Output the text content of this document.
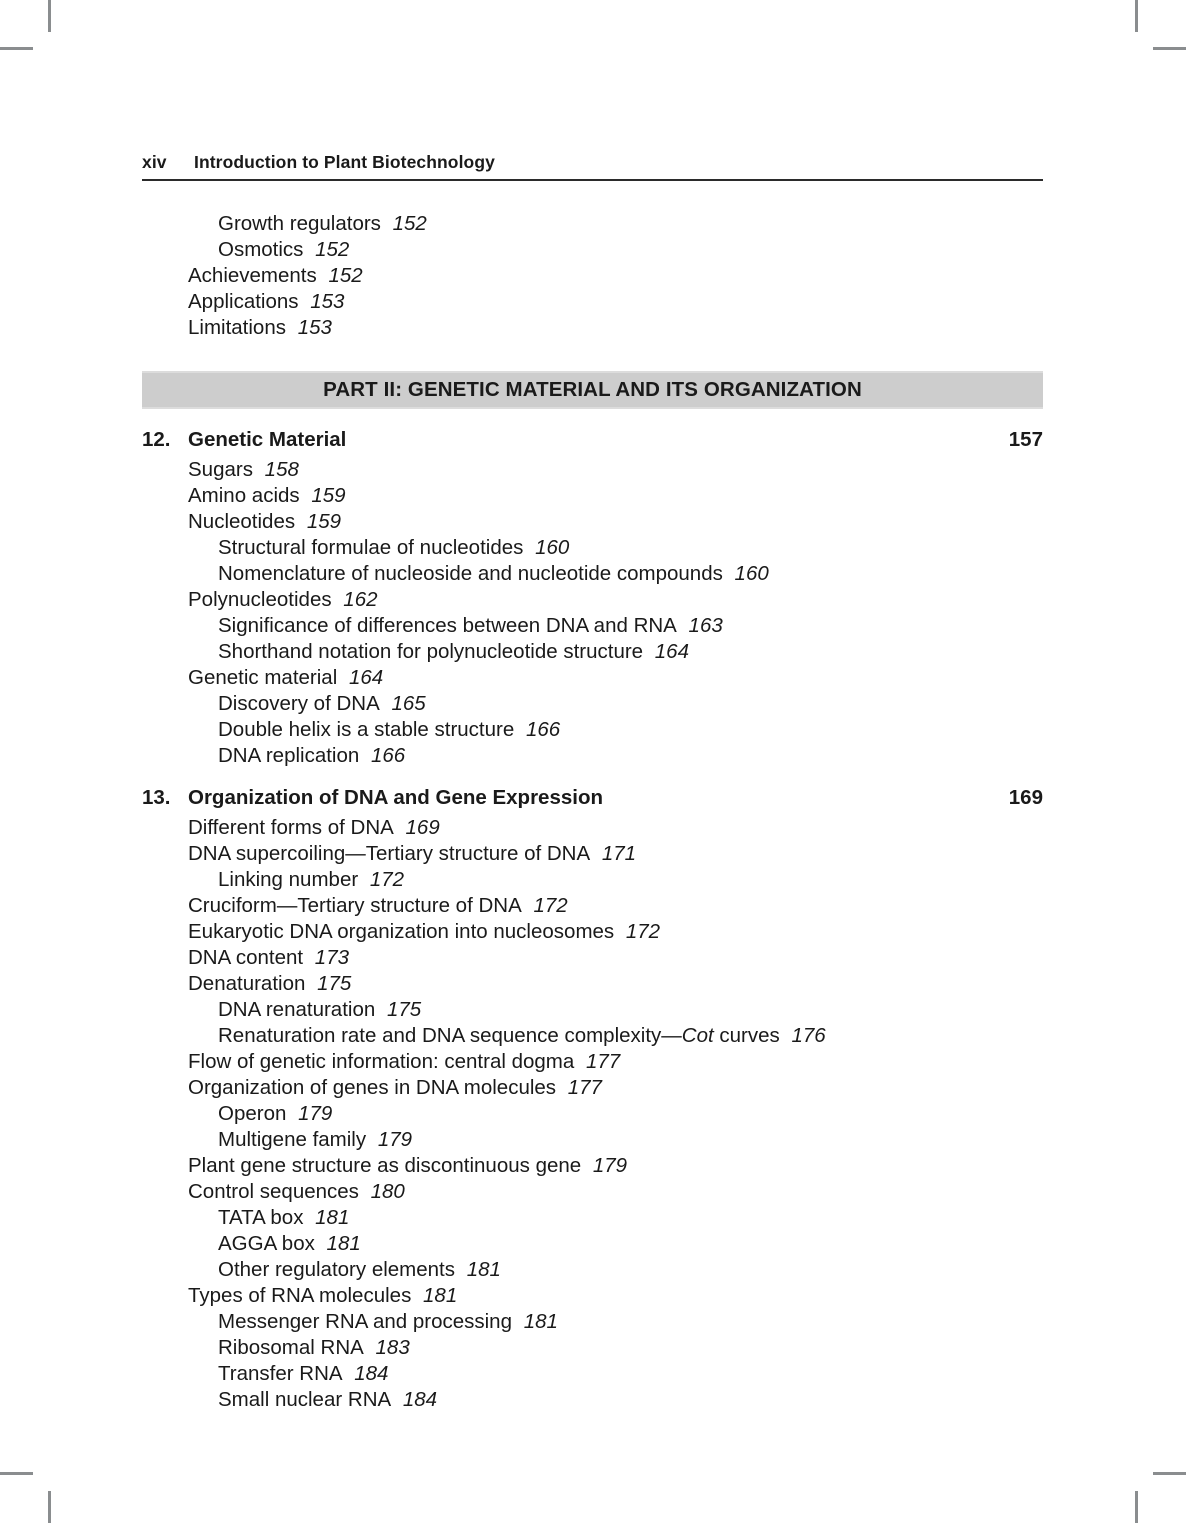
xiv	Introduction to Plant Biotechnology
Growth regulators 152
Osmotics 152
Achievements 152
Applications 153
Limitations 153
PART II: GENETIC MATERIAL AND ITS ORGANIZATION
12. Genetic Material	157
Sugars 158
Amino acids 159
Nucleotides 159
Structural formulae of nucleotides 160
Nomenclature of nucleoside and nucleotide compounds 160
Polynucleotides 162
Significance of differences between DNA and RNA 163
Shorthand notation for polynucleotide structure 164
Genetic material 164
Discovery of DNA 165
Double helix is a stable structure 166
DNA replication 166
13. Organization of DNA and Gene Expression	169
Different forms of DNA 169
DNA supercoiling—Tertiary structure of DNA 171
Linking number 172
Cruciform—Tertiary structure of DNA 172
Eukaryotic DNA organization into nucleosomes 172
DNA content 173
Denaturation 175
DNA renaturation 175
Renaturation rate and DNA sequence complexity—Cot curves 176
Flow of genetic information: central dogma 177
Organization of genes in DNA molecules 177
Operon 179
Multigene family 179
Plant gene structure as discontinuous gene 179
Control sequences 180
TATA box 181
AGGA box 181
Other regulatory elements 181
Types of RNA molecules 181
Messenger RNA and processing 181
Ribosomal RNA 183
Transfer RNA 184
Small nuclear RNA 184
